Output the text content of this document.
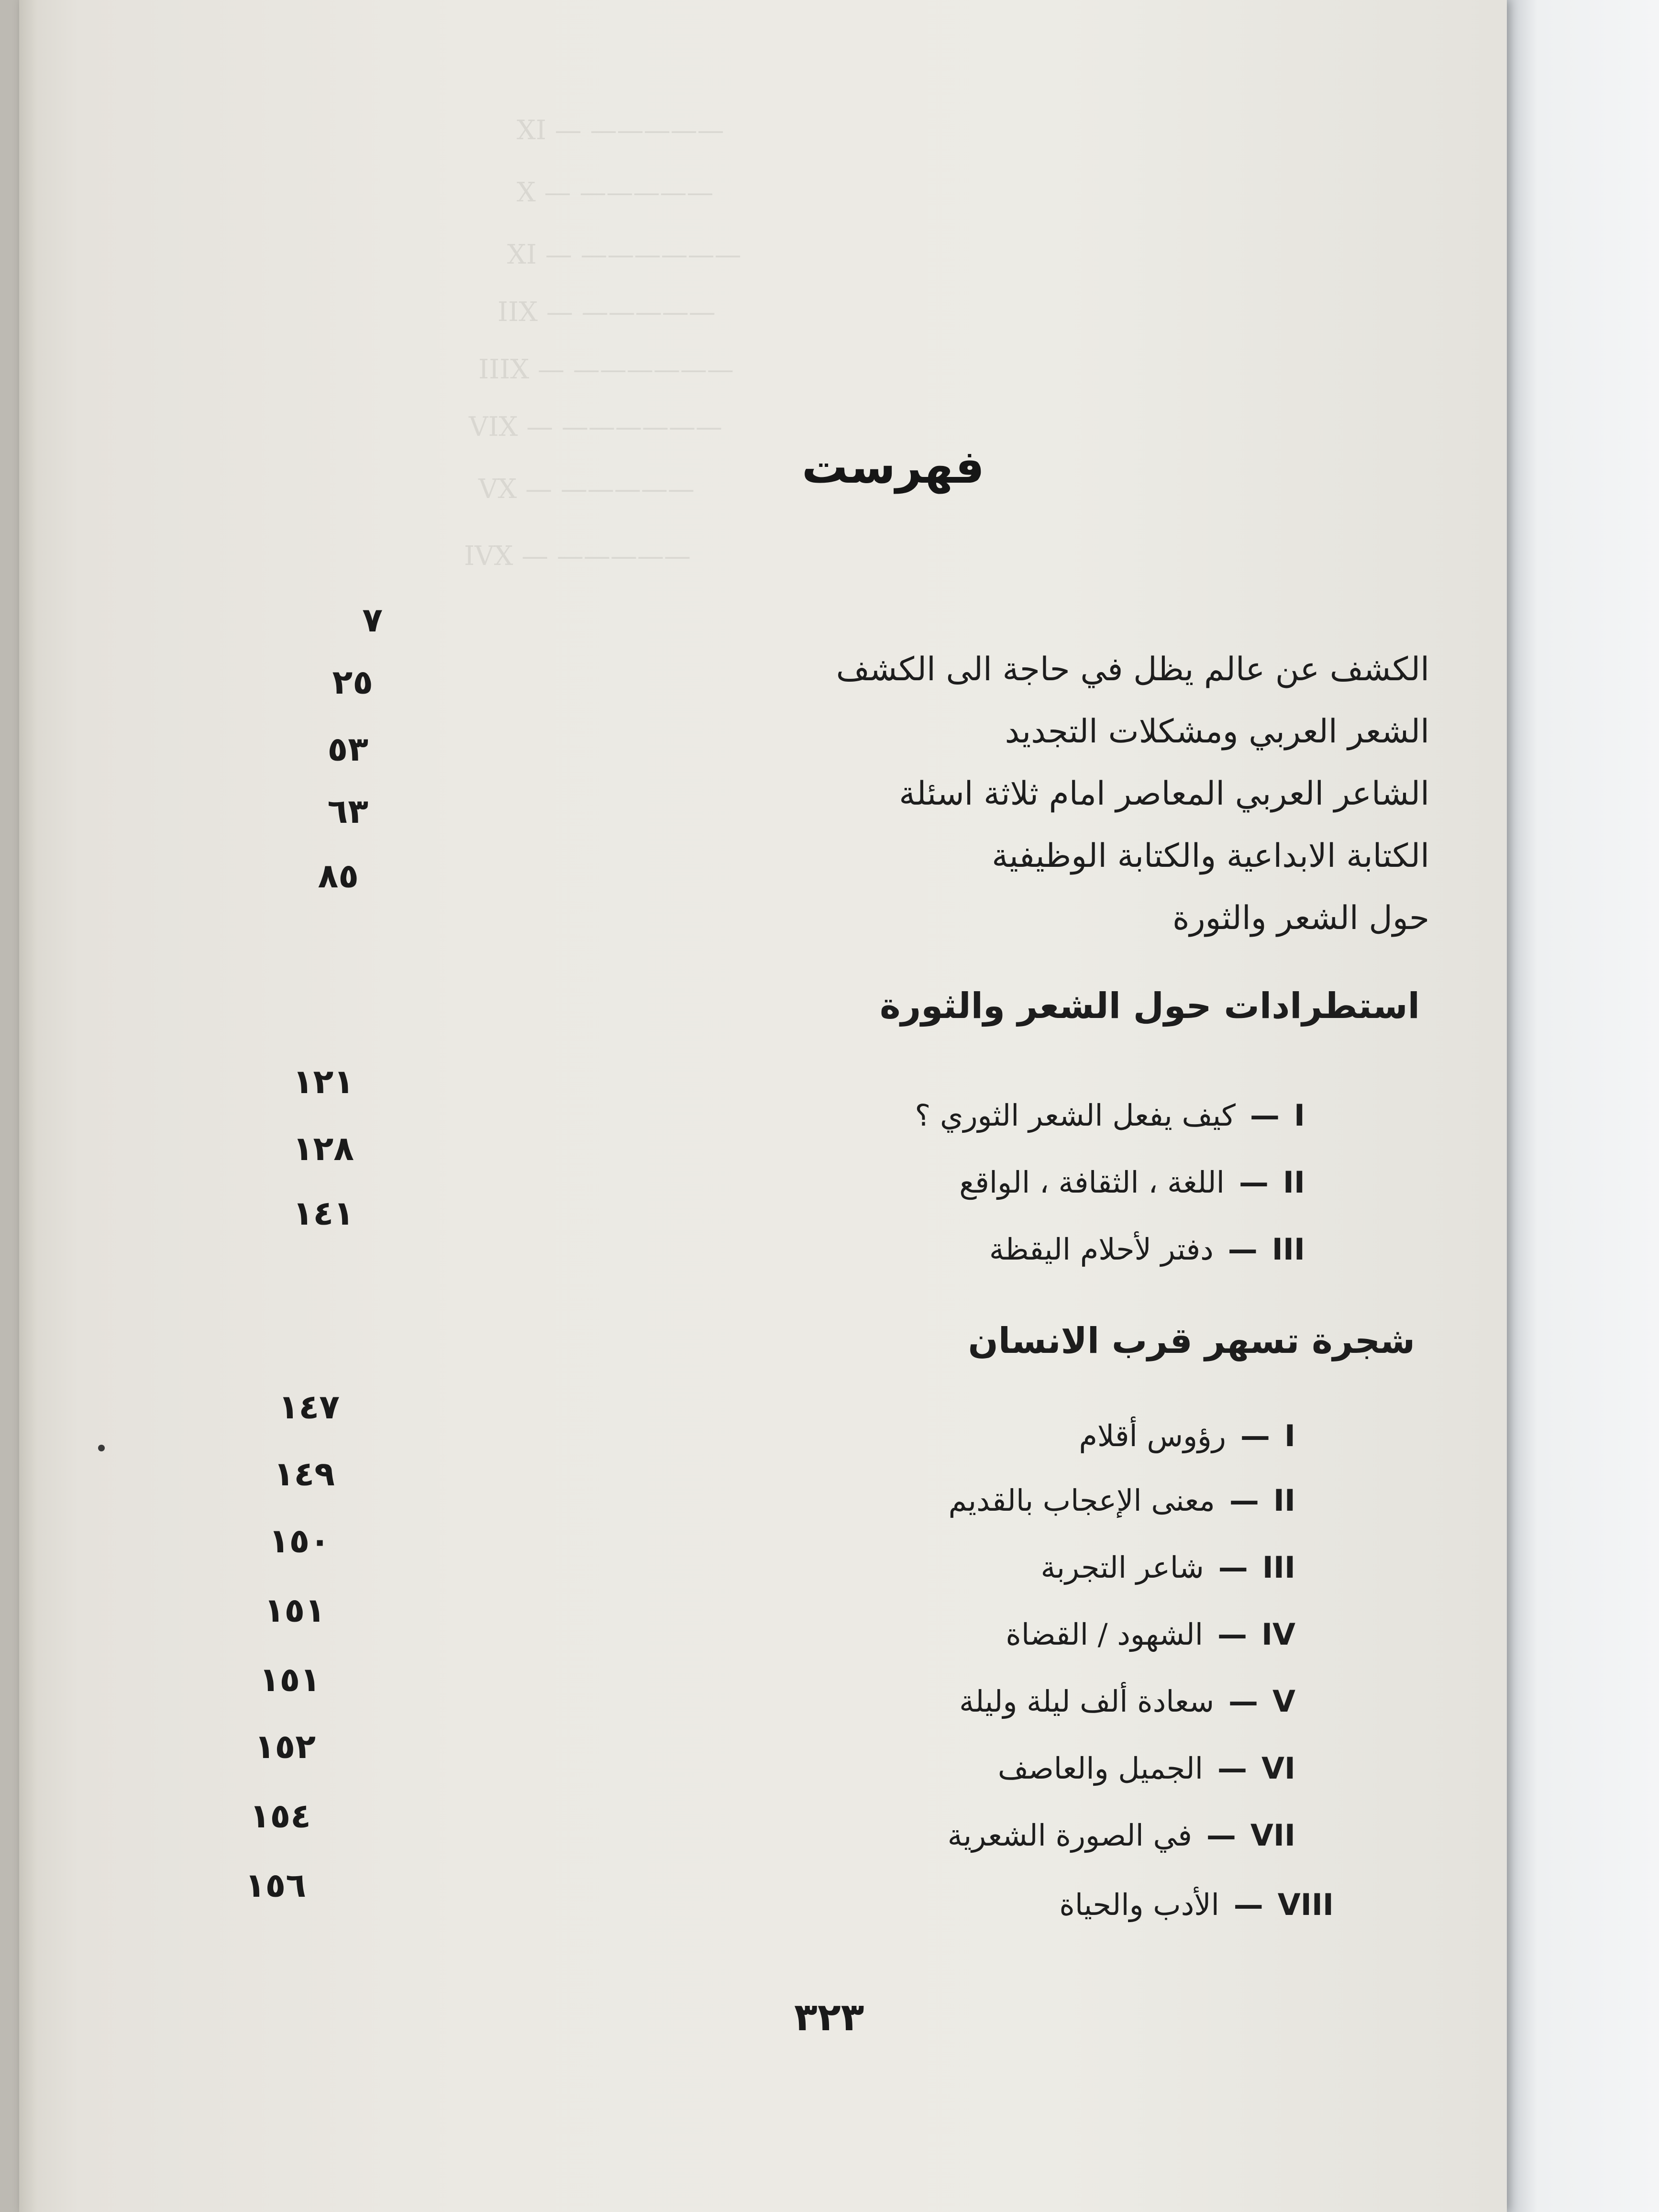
XI — —————
X — —————
XI — ——————
IIX — —————
IIIX — ——————
VIX — ——————
VX — —————
IVX — —————
فهرست
الكشف عن عالم يظل في حاجة الى الكشف
٧
الشعر العربي ومشكلات التجديد
٢٥
الشاعر العربي المعاصر امام ثلاثة اسئلة
٥٣
الكتابة الابداعية والكتابة الوظيفية
٦٣
حول الشعر والثورة
٨٥
استطرادات حول الشعر والثورة
I
—
كيف يفعل الشعر الثوري ؟
١٢١
II
—
اللغة ، الثقافة ، الواقع
١٢٨
III
—
دفتر لأحلام اليقظة
١٤١
شجرة تسهر قرب الانسان
I
—
رؤوس أقلام
١٤٧
II
—
معنى الإعجاب بالقديم
١٤٩
III
—
شاعر التجربة
١٥٠
IV
—
الشهود / القضاة
١٥١
V
—
سعادة ألف ليلة وليلة
١٥١
VI
—
الجميل والعاصف
١٥٢
VII
—
في الصورة الشعرية
١٥٤
VIII
—
الأدب والحياة
١٥٦
٣٢٣
